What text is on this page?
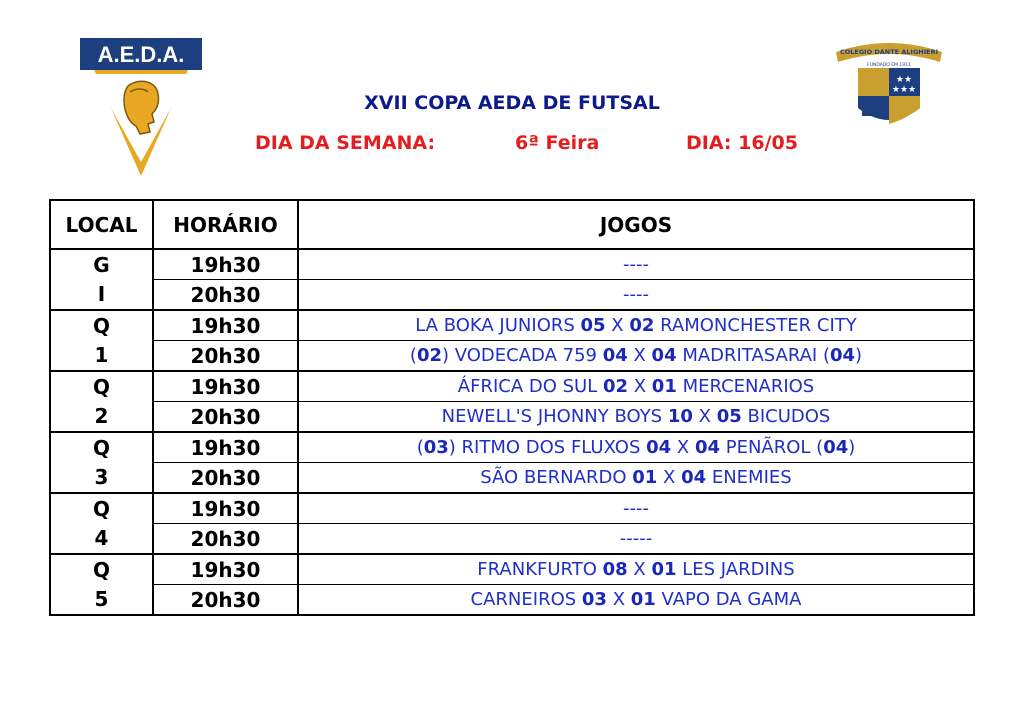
A.E.D.A.	COLEGIO DANTE ALIGHIERI
FUNDADO EM 1911
★★
★★★
XVII COPA AEDA DE FUTSAL
DIA DA SEMANA:	6ª Feira	DIA: 16/05
LOCAL	HORÁRIO	JOGOS
G	19h30	----
I	20h30	----
Q	19h30	LA BOKA JUNIORS 05 X 02 RAMONCHESTER CITY
1	20h30	(02) VODECADA 759 04 X 04 MADRITASARAI (04)
Q	19h30	ÁFRICA DO SUL 02 X 01 MERCENARIOS
2	20h30	NEWELL'S JHONNY BOYS 10 X 05 BICUDOS
Q	19h30	(03) RITMO DOS FLUXOS 04 X 04 PENÃROL (04)
3	20h30	SÃO BERNARDO 01 X 04 ENEMIES
Q	19h30	----
4	20h30	-----
Q	19h30	FRANKFURTO 08 X 01 LES JARDINS
5	20h30	CARNEIROS 03 X 01 VAPO DA GAMA
